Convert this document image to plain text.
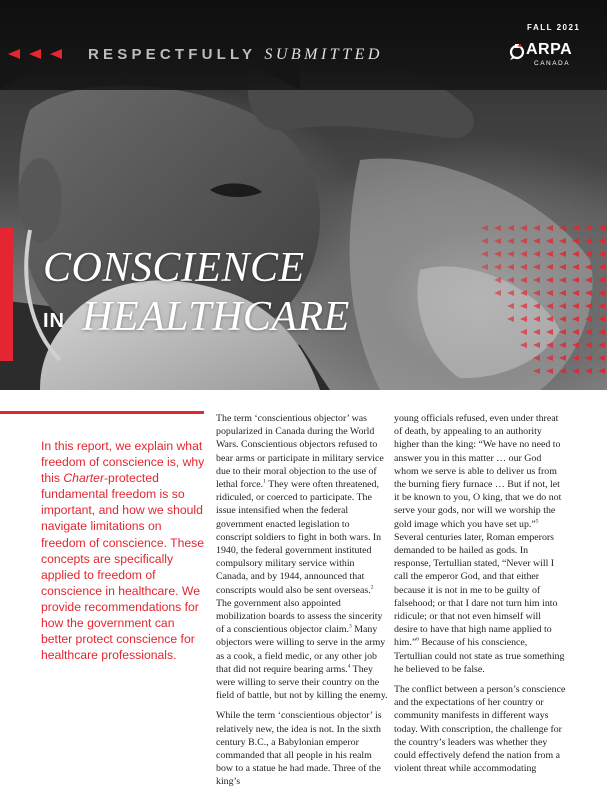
RESPECTFULLY SUBMITTED
FALL 2021
ARPA
CANADA
CONSCIENCE
IN HEALTHCARE
In this report, we explain what freedom of conscience is, why this Charter-protected fundamental freedom is so important, and how we should navigate limitations on freedom of conscience. These concepts are specifically applied to freedom of conscience in healthcare. We provide recommendations for how the government can better protect conscience for healthcare professionals.

The term ‘conscientious objector’ was popularized in Canada during the World Wars. Conscientious objectors refused to bear arms or participate in military service due to their moral objection to the use of lethal force.$^1$ They were often threatened, ridiculed, or coerced to participate. The issue intensified when the federal government enacted legislation to conscript soldiers to fight in both wars. In 1940, the federal government instituted compulsory military service within Canada, and by 1944, announced that conscripts would also be sent overseas.$^2$ The government also appointed mobilization boards to assess the sincerity of a conscientious objector claim.$^3$ Many objectors were willing to serve in the army as a cook, a field medic, or any other job that did not require bearing arms.$^4$ They were willing to serve their country on the field of battle, but not by killing the enemy.

While the term ‘conscientious objector’ is relatively new, the idea is not. In the sixth century B.C., a Babylonian emperor commanded that all people in his realm bow to a statue he had made. Three of the king’s

young officials refused, even under threat of death, by appealing to an authority higher than the king: “We have no need to answer you in this matter … our God whom we serve is able to deliver us from the burning fiery furnace … But if not, let it be known to you, O king, that we do not serve your gods, nor will we worship the gold image which you have set up.”$^5$ Several centuries later, Roman emperors demanded to be hailed as gods. In response, Tertullian stated, “Never will I call the emperor God, and that either because it is not in me to be guilty of falsehood; or that I dare not turn him into ridicule; or that not even himself will desire to have that high name applied to him.”$^6$ Because of his conscience, Tertullian could not state as true something he believed to be false.

The conflict between a person’s conscience and the expectations of her country or community manifests in different ways today. With conscription, the challenge for the country’s leaders was whether they could effectively defend the nation from a violent threat while accommodating
